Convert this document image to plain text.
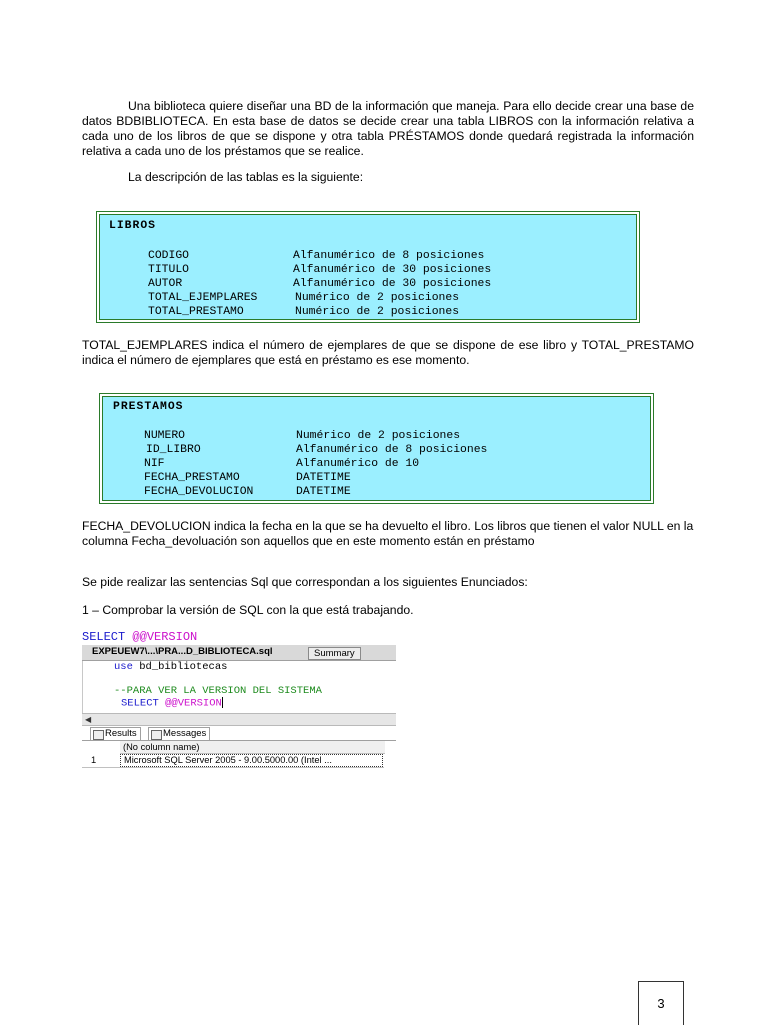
Una biblioteca quiere diseñar una BD de la información que maneja. Para ello decide crear una base de datos BDBIBLIOTECA. En esta base de datos se decide crear una tabla LIBROS con la información relativa a cada uno de los libros de que se dispone y otra tabla PRÉSTAMOS donde quedará registrada la información relativa a cada uno de los préstamos que se realice.
La descripción de las tablas es la siguiente:
LIBROS
CODIGO	Alfanumérico de 8 posiciones
TITULO	Alfanumérico de 30 posiciones
AUTOR	Alfanumérico de 30 posiciones
TOTAL_EJEMPLARES	Numérico de 2 posiciones
TOTAL_PRESTAMO	Numérico de 2 posiciones
TOTAL_EJEMPLARES indica el número de ejemplares de que se dispone de ese libro y TOTAL_PRESTAMO indica el número de ejemplares que está en préstamo es ese momento.
PRESTAMOS
NUMERO	Numérico de 2 posiciones
ID_LIBRO	Alfanumérico de 8 posiciones
NIF	Alfanumérico de 10
FECHA_PRESTAMO	DATETIME
FECHA_DEVOLUCION	DATETIME
FECHA_DEVOLUCION indica la fecha en la que se ha devuelto el libro. Los libros que tienen el valor NULL en la columna Fecha_devoluación son aquellos que en este momento están en préstamo
Se pide realizar las sentencias Sql que correspondan a los siguientes Enunciados:
1 – Comprobar la versión de SQL con la que está trabajando.
SELECT @@VERSION
EXPEUEW7\...\PRA...D_BIBLIOTECA.sql	Summary
use bd_bibliotecas
--PARA VER LA VERSION DEL SISTEMA
SELECT @@VERSION
◀
Results	Messages
(No column name)
1	Microsoft SQL Server 2005 - 9.00.5000.00 (Intel ...
3
